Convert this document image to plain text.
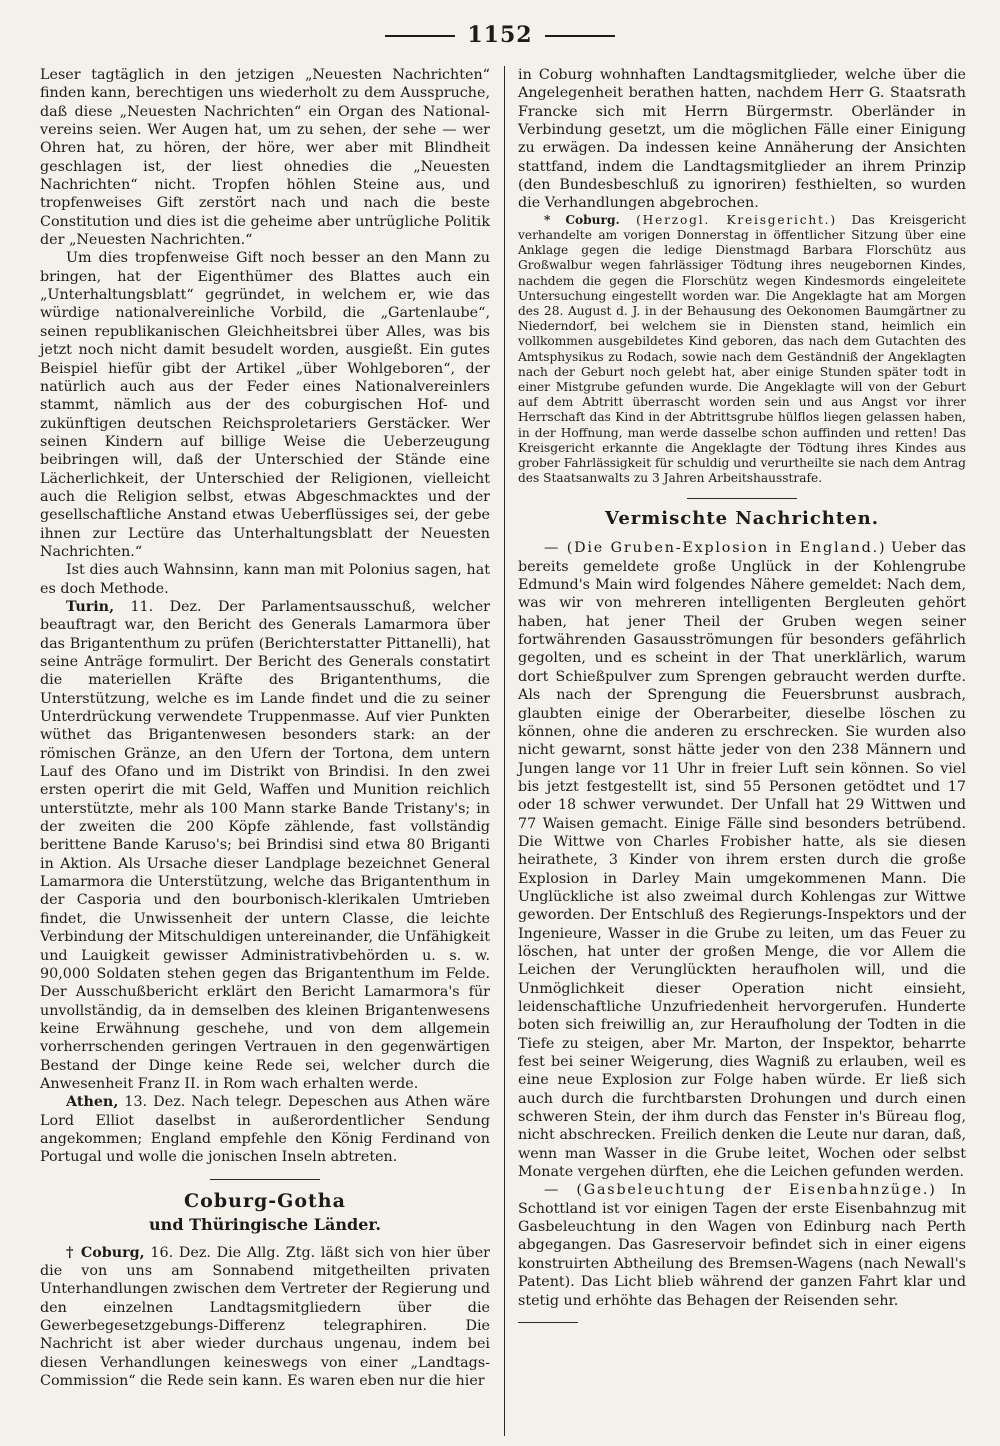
1152

Leser tagtäglich in den jetzigen „Neuesten Nachrichten“ finden kann, berechtigen uns wiederholt zu dem Ausspruche, daß diese „Neuesten Nachrichten“ ein Organ des National-vereins seien. Wer Augen hat, um zu sehen, der sehe — wer Ohren hat, zu hören, der höre, wer aber mit Blindheit geschlagen ist, der liest ohnedies die „Neuesten Nachrichten“ nicht. Tropfen höhlen Steine aus, und tropfenweises Gift zerstört nach und nach die beste Constitution und dies ist die geheime aber untrügliche Politik der „Neuesten Nachrichten.“

Um dies tropfenweise Gift noch besser an den Mann zu bringen, hat der Eigenthümer des Blattes auch ein „Unterhaltungsblatt“ gegründet, in welchem er, wie das würdige nationalvereinliche Vorbild, die „Gartenlaube“, seinen republikanischen Gleichheitsbrei über Alles, was bis jetzt noch nicht damit besudelt worden, ausgießt. Ein gutes Beispiel hiefür gibt der Artikel „über Wohlgeboren“, der natürlich auch aus der Feder eines Nationalvereinlers stammt, nämlich aus der des coburgischen Hof- und zukünftigen deutschen Reichsproletariers Gerstäcker. Wer seinen Kindern auf billige Weise die Ueberzeugung beibringen will, daß der Unterschied der Stände eine Lächerlichkeit, der Unterschied der Religionen, vielleicht auch die Religion selbst, etwas Abgeschmacktes und der gesellschaftliche Anstand etwas Ueberflüssiges sei, der gebe ihnen zur Lectüre das Unterhaltungsblatt der Neuesten Nachrichten.“

Ist dies auch Wahnsinn, kann man mit Polonius sagen, hat es doch Methode.

Turin, 11. Dez. Der Parlamentsausschuß, welcher beauftragt war, den Bericht des Generals Lamarmora über das Brigantenthum zu prüfen (Berichterstatter Pittanelli), hat seine Anträge formulirt. Der Bericht des Generals constatirt die materiellen Kräfte des Brigantenthums, die Unterstützung, welche es im Lande findet und die zu seiner Unterdrückung verwendete Truppenmasse. Auf vier Punkten wüthet das Brigantenwesen besonders stark: an der römischen Gränze, an den Ufern der Tortona, dem untern Lauf des Ofano und im Distrikt von Brindisi. In den zwei ersten operirt die mit Geld, Waffen und Munition reichlich unterstützte, mehr als 100 Mann starke Bande Tristany's; in der zweiten die 200 Köpfe zählende, fast vollständig berittene Bande Karuso's; bei Brindisi sind etwa 80 Briganti in Aktion. Als Ursache dieser Landplage bezeichnet General Lamarmora die Unterstützung, welche das Brigantenthum in der Casporia und den bourbonisch-klerikalen Umtrieben findet, die Unwissenheit der untern Classe, die leichte Verbindung der Mitschuldigen untereinander, die Unfähigkeit und Lauigkeit gewisser Administrativbehörden u. s. w. 90,000 Soldaten stehen gegen das Brigantenthum im Felde. Der Ausschußbericht erklärt den Bericht Lamarmora's für unvollständig, da in demselben des kleinen Brigantenwesens keine Erwähnung geschehe, und von dem allgemein vorherrschenden geringen Vertrauen in den gegenwärtigen Bestand der Dinge keine Rede sei, welcher durch die Anwesenheit Franz II. in Rom wach erhalten werde.

Athen, 13. Dez. Nach telegr. Depeschen aus Athen wäre Lord Elliot daselbst in außerordentlicher Sendung angekommen; England empfehle den König Ferdinand von Portugal und wolle die jonischen Inseln abtreten.

Coburg-Gotha
und Thüringische Länder.

† Coburg, 16. Dez. Die Allg. Ztg. läßt sich von hier über die von uns am Sonnabend mitgetheilten privaten Unterhandlungen zwischen dem Vertreter der Regierung und den einzelnen Landtagsmitgliedern über die Gewerbegesetzgebungs-Differenz telegraphiren. Die Nachricht ist aber wieder durchaus ungenau, indem bei diesen Verhandlungen keineswegs von einer „Landtags-Commission“ die Rede sein kann. Es waren eben nur die hier

in Coburg wohnhaften Landtagsmitglieder, welche über die Angelegenheit berathen hatten, nachdem Herr G. Staatsrath Francke sich mit Herrn Bürgermstr. Oberländer in Verbindung gesetzt, um die möglichen Fälle einer Einigung zu erwägen. Da indessen keine Annäherung der Ansichten stattfand, indem die Landtagsmitglieder an ihrem Prinzip (den Bundesbeschluß zu ignoriren) festhielten, so wurden die Verhandlungen abgebrochen.

* Coburg. (Herzogl. Kreisgericht.) Das Kreisgericht verhandelte am vorigen Donnerstag in öffentlicher Sitzung über eine Anklage gegen die ledige Dienstmagd Barbara Florschütz aus Großwalbur wegen fahrlässiger Tödtung ihres neugebornen Kindes, nachdem die gegen die Florschütz wegen Kindesmords eingeleitete Untersuchung eingestellt worden war. Die Angeklagte hat am Morgen des 28. August d. J. in der Behausung des Oekonomen Baumgärtner zu Niederndorf, bei welchem sie in Diensten stand, heimlich ein vollkommen ausgebildetes Kind geboren, das nach dem Gutachten des Amtsphysikus zu Rodach, sowie nach dem Geständniß der Angeklagten nach der Geburt noch gelebt hat, aber einige Stunden später todt in einer Mistgrube gefunden wurde. Die Angeklagte will von der Geburt auf dem Abtritt überrascht worden sein und aus Angst vor ihrer Herrschaft das Kind in der Abtrittsgrube hülflos liegen gelassen haben, in der Hoffnung, man werde dasselbe schon auffinden und retten! Das Kreisgericht erkannte die Angeklagte der Tödtung ihres Kindes aus grober Fahrlässigkeit für schuldig und verurtheilte sie nach dem Antrag des Staatsanwalts zu 3 Jahren Arbeitshausstrafe.

Vermischte Nachrichten.

— (Die Gruben-Explosion in England.) Ueber das bereits gemeldete große Unglück in der Kohlengrube Edmund's Main wird folgendes Nähere gemeldet: Nach dem, was wir von mehreren intelligenten Bergleuten gehört haben, hat jener Theil der Gruben wegen seiner fortwährenden Gasausströmungen für besonders gefährlich gegolten, und es scheint in der That unerklärlich, warum dort Schießpulver zum Sprengen gebraucht werden durfte. Als nach der Sprengung die Feuersbrunst ausbrach, glaubten einige der Oberarbeiter, dieselbe löschen zu können, ohne die anderen zu erschrecken. Sie wurden also nicht gewarnt, sonst hätte jeder von den 238 Männern und Jungen lange vor 11 Uhr in freier Luft sein können. So viel bis jetzt festgestellt ist, sind 55 Personen getödtet und 17 oder 18 schwer verwundet. Der Unfall hat 29 Wittwen und 77 Waisen gemacht. Einige Fälle sind besonders betrübend. Die Wittwe von Charles Frobisher hatte, als sie diesen heirathete, 3 Kinder von ihrem ersten durch die große Explosion in Darley Main umgekommenen Mann. Die Unglückliche ist also zweimal durch Kohlengas zur Wittwe geworden. Der Entschluß des Regierungs-Inspektors und der Ingenieure, Wasser in die Grube zu leiten, um das Feuer zu löschen, hat unter der großen Menge, die vor Allem die Leichen der Verunglückten heraufholen will, und die Unmöglichkeit dieser Operation nicht einsieht, leidenschaftliche Unzufriedenheit hervorgerufen. Hunderte boten sich freiwillig an, zur Heraufholung der Todten in die Tiefe zu steigen, aber Mr. Marton, der Inspektor, beharrte fest bei seiner Weigerung, dies Wagniß zu erlauben, weil es eine neue Explosion zur Folge haben würde. Er ließ sich auch durch die furchtbarsten Drohungen und durch einen schweren Stein, der ihm durch das Fenster in's Büreau flog, nicht abschrecken. Freilich denken die Leute nur daran, daß, wenn man Wasser in die Grube leitet, Wochen oder selbst Monate vergehen dürften, ehe die Leichen gefunden werden.

— (Gasbeleuchtung der Eisenbahnzüge.) In Schottland ist vor einigen Tagen der erste Eisenbahnzug mit Gasbeleuchtung in den Wagen von Edinburg nach Perth abgegangen. Das Gasreservoir befindet sich in einer eigens konstruirten Abtheilung des Bremsen-Wagens (nach Newall's Patent). Das Licht blieb während der ganzen Fahrt klar und stetig und erhöhte das Behagen der Reisenden sehr.
